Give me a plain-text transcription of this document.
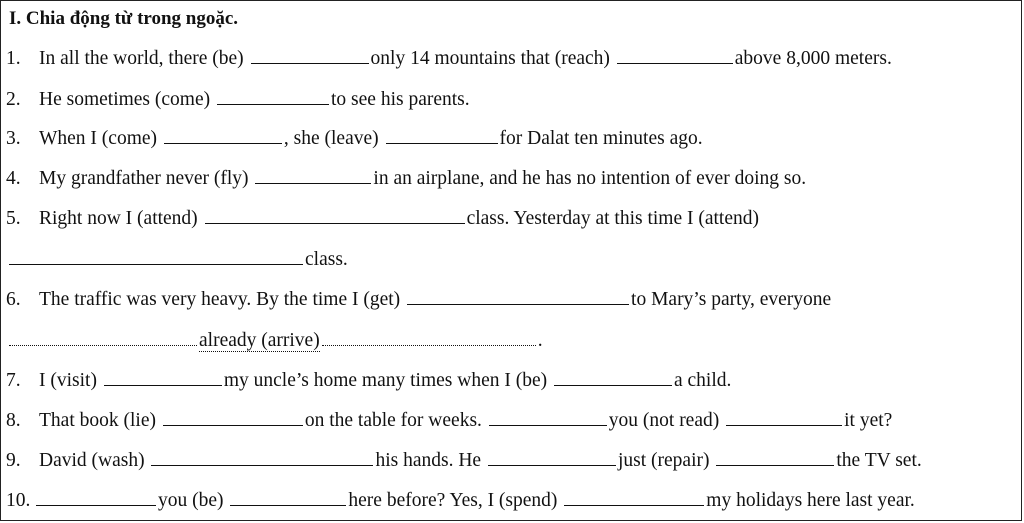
I. Chia động từ trong ngoặc.
1. In all the world, there (be)	only 14 mountains that (reach)	above 8,000 meters.
2. He sometimes (come)	to see his parents.
3. When I (come)	, she (leave)	for Dalat ten minutes ago.
4. My grandfather never (fly)	in an airplane, and he has no intention of ever doing so.
5. Right now I (attend)	class. Yesterday at this time I (attend)
class.
6. The traffic was very heavy. By the time I (get)	to Mary’s party, everyone
already (arrive)	.
7. I (visit)	my uncle’s home many times when I (be)	a child.
8. That book (lie)	on the table for weeks.	you (not read)	it yet?
9. David (wash)	his hands. He	just (repair)	the TV set.
10.	you (be)	here before? Yes, I (spend)	my holidays here last year.
